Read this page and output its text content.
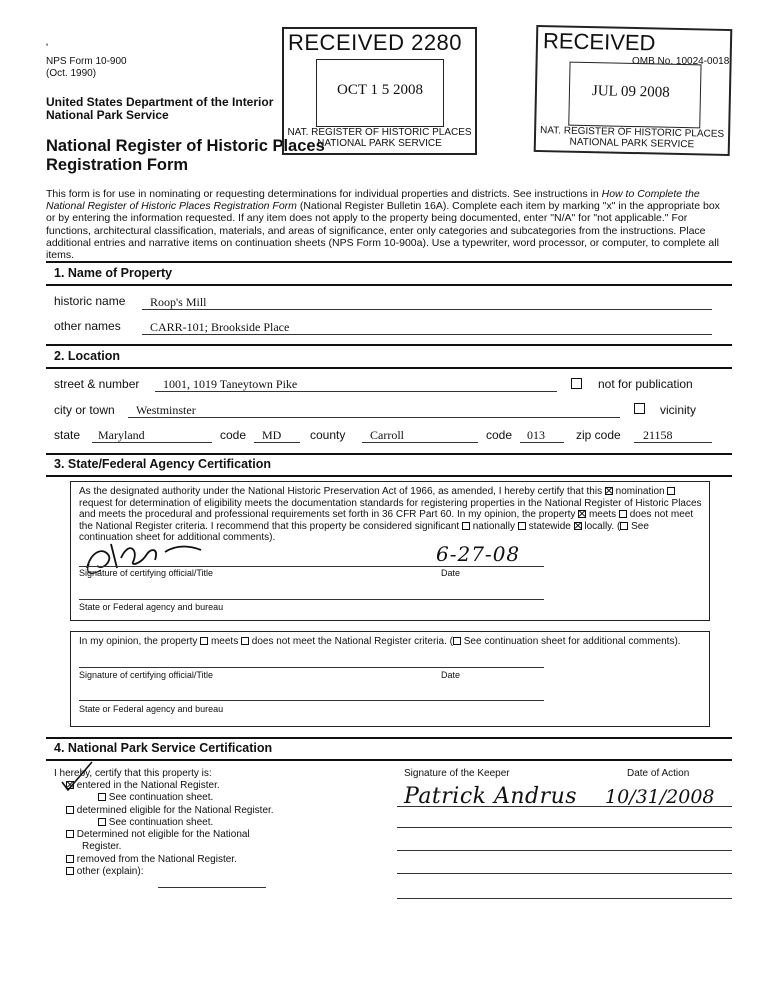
'
NPS Form 10-900
(Oct. 1990)
United States Department of the Interior
National Park Service
National Register of Historic Places
Registration Form
OMB No. 10024-0018
RECEIVED 2280
OCT 1 5 2008
NAT. REGISTER OF HISTORIC PLACES
NATIONAL PARK SERVICE
RECEIVED
JUL 09 2008
NAT. REGISTER OF HISTORIC PLACES
NATIONAL PARK SERVICE
This form is for use in nominating or requesting determinations for individual properties and districts. See instructions in How to Complete the National Register of Historic Places Registration Form (National Register Bulletin 16A). Complete each item by marking "x" in the appropriate box or by entering the information requested. If any item does not apply to the property being documented, enter "N/A" for "not applicable." For functions, architectural classification, materials, and areas of significance, enter only categories and subcategories from the instructions. Place additional entries and narrative items on continuation sheets (NPS Form 10-900a). Use a typewriter, word processor, or computer, to complete all items.
1. Name of Property
historic name Roop's Mill
other names CARR-101; Brookside Place
2. Location
street & number 1001, 1019 Taneytown Pike	not for publication
city or town Westminster	vicinity
state Maryland	code MD county Carroll	code 013	zip code 21158
3. State/Federal Agency Certification
As the designated authority under the National Historic Preservation Act of 1966, as amended, I hereby certify that this nomination  request for determination of eligibility meets the documentation standards for registering properties in the National Register of Historic Places and meets the procedural and professional requirements set forth in 36 CFR Part 60. In my opinion, the property meets does not meet the National Register criteria. I recommend that this property be considered significant nationally statewide locally. ( See continuation sheet for additional comments).
6-27-08
Signature of certifying official/Title	Date
State or Federal agency and bureau
In my opinion, the property meets does not meet the National Register criteria. ( See continuation sheet for additional comments).
Signature of certifying official/Title	Date
State or Federal agency and bureau
4. National Park Service Certification
I hereby, certify that this property is:
entered in the National Register.
See continuation sheet.
determined eligible for the National Register.
See continuation sheet.
Determined not eligible for the National Register.
removed from the National Register.
other (explain):
Signature of the Keeper	Date of Action
Patrick Andrus 10/31/2008
